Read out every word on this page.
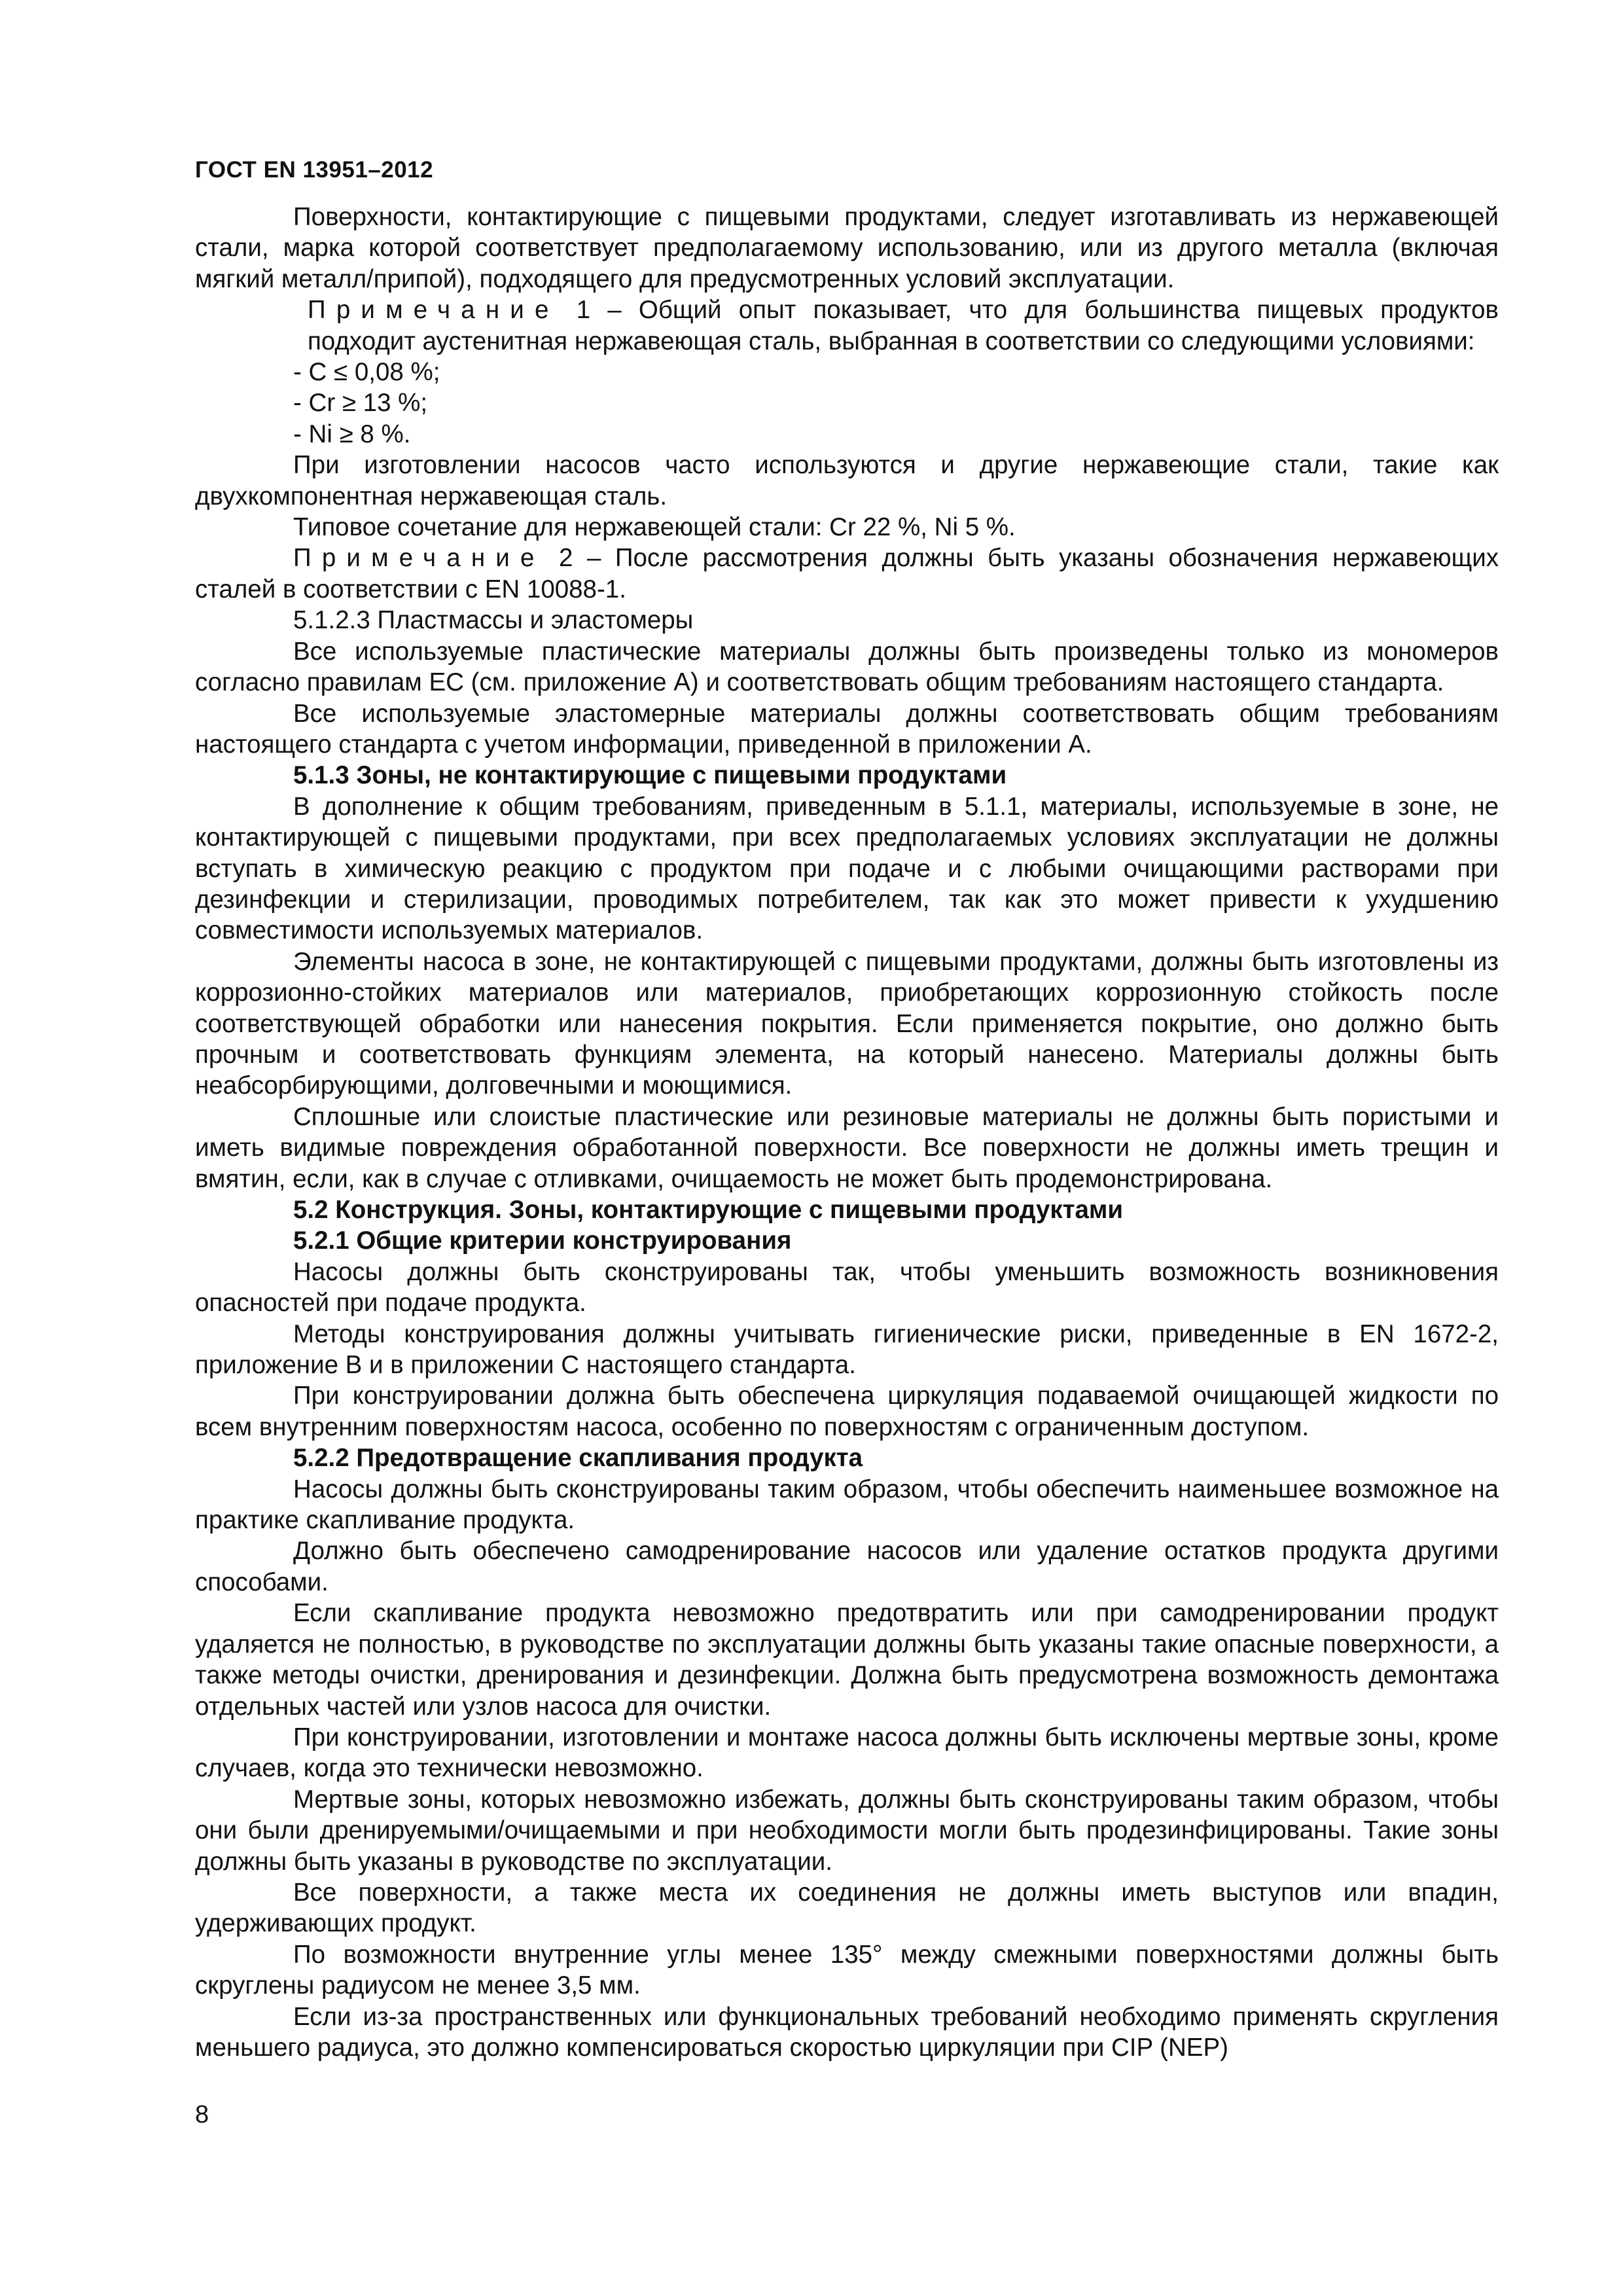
ГОСТ EN 13951–2012

Поверхности, контактирующие с пищевыми продуктами, следует изготавливать из нержавеющей стали, марка которой соответствует предполагаемому использованию, или из другого металла (включая мягкий металл/припой), подходящего для предусмотренных условий эксплуатации.

Примечание 1 – Общий опыт показывает, что для большинства пищевых продуктов подходит аустенитная нержавеющая сталь, выбранная в соответствии со следующими условиями:

- C ≤ 0,08 %;

- Cr ≥ 13 %;

- Ni ≥ 8 %.

При изготовлении насосов часто используются и другие нержавеющие стали, такие как двухкомпонентная нержавеющая сталь.

Типовое сочетание для нержавеющей стали: Cr 22 %, Ni 5 %.

Примечание 2 – После рассмотрения должны быть указаны обозначения нержавеющих сталей в соответствии с EN 10088-1.

5.1.2.3 Пластмассы и эластомеры

Все используемые пластические материалы должны быть произведены только из мономеров согласно правилам ЕС (см. приложение А) и соответствовать общим требованиям настоящего стандарта.

Все используемые эластомерные материалы должны соответствовать общим требованиям настоящего стандарта с учетом информации, приведенной в приложении А.

5.1.3 Зоны, не контактирующие с пищевыми продуктами

В дополнение к общим требованиям, приведенным в 5.1.1, материалы, используемые в зоне, не контактирующей с пищевыми продуктами, при всех предполагаемых условиях эксплуатации не должны вступать в химическую реакцию с продуктом при подаче и с любыми очищающими растворами при дезинфекции и стерилизации, проводимых потребителем, так как это может привести к ухудшению совместимости используемых материалов.

Элементы насоса в зоне, не контактирующей с пищевыми продуктами, должны быть изготовлены из коррозионно-стойких материалов или материалов, приобретающих коррозионную стойкость после соответствующей обработки или нанесения покрытия. Если применяется покрытие, оно должно быть прочным и соответствовать функциям элемента, на который нанесено. Материалы должны быть неабсорбирующими, долговечными и моющимися.

Сплошные или слоистые пластические или резиновые материалы не должны быть пористыми и иметь видимые повреждения обработанной поверхности. Все поверхности не должны иметь трещин и вмятин, если, как в случае с отливками, очищаемость не может быть продемонстрирована.

5.2 Конструкция. Зоны, контактирующие с пищевыми продуктами

5.2.1 Общие критерии конструирования

Насосы должны быть сконструированы так, чтобы уменьшить возможность возникновения опасностей при подаче продукта.

Методы конструирования должны учитывать гигиенические риски, приведенные в EN 1672-2, приложение В и в приложении С настоящего стандарта.

При конструировании должна быть обеспечена циркуляция подаваемой очищающей жидкости по всем внутренним поверхностям насоса, особенно по поверхностям с ограниченным доступом.

5.2.2 Предотвращение скапливания продукта

Насосы должны быть сконструированы таким образом, чтобы обеспечить наименьшее возможное на практике скапливание продукта.

Должно быть обеспечено самодренирование насосов или удаление остатков продукта другими способами.

Если скапливание продукта невозможно предотвратить или при самодренировании продукт удаляется не полностью, в руководстве по эксплуатации должны быть указаны такие опасные поверхности, а также методы очистки, дренирования и дезинфекции. Должна быть предусмотрена возможность демонтажа отдельных частей или узлов насоса для очистки.

При конструировании, изготовлении и монтаже насоса должны быть исключены мертвые зоны, кроме случаев, когда это технически невозможно.

Мертвые зоны, которых невозможно избежать, должны быть сконструированы таким образом, чтобы они были дренируемыми/очищаемыми и при необходимости могли быть продезинфицированы. Такие зоны должны быть указаны в руководстве по эксплуатации.

Все поверхности, а также места их соединения не должны иметь выступов или впадин, удерживающих продукт.

По возможности внутренние углы менее 135° между смежными поверхностями должны быть скруглены радиусом не менее 3,5 мм.

Если из-за пространственных или функциональных требований необходимо применять скругления меньшего радиуса, это должно компенсироваться скоростью циркуляции при CIP (NEP)

8
